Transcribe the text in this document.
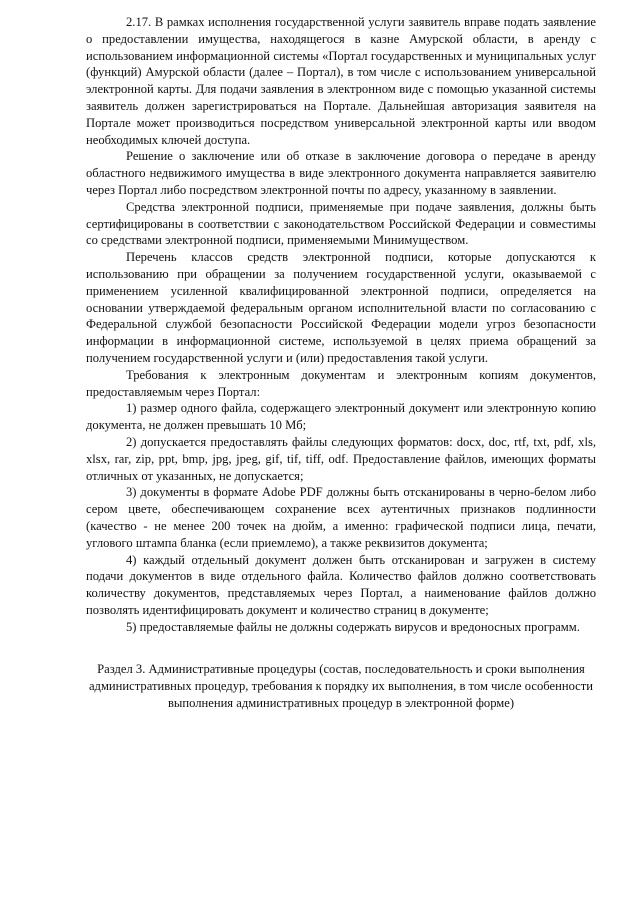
2.17. В рамках исполнения государственной услуги заявитель вправе подать заявление о предоставлении имущества, находящегося в казне Амурской области, в аренду с использованием информационной системы «Портал государственных и муниципальных услуг (функций) Амурской области (далее – Портал), в том числе с использованием универсальной электронной карты. Для подачи заявления в электронном виде с помощью указанной системы заявитель должен зарегистрироваться на Портале. Дальнейшая авторизация заявителя на Портале может производиться посредством универсальной электронной карты или вводом необходимых ключей доступа.

Решение о заключение или об отказе в заключение договора о передаче в аренду областного недвижимого имущества в виде электронного документа направляется заявителю через Портал либо посредством электронной почты по адресу, указанному в заявлении.

Средства электронной подписи, применяемые при подаче заявления, должны быть сертифицированы в соответствии с законодательством Российской Федерации и совместимы со средствами электронной подписи, применяемыми Минимуществом.

Перечень классов средств электронной подписи, которые допускаются к использованию при обращении за получением государственной услуги, оказываемой с применением усиленной квалифицированной электронной подписи, определяется на основании утверждаемой федеральным органом исполнительной власти по согласованию с Федеральной службой безопасности Российской Федерации модели угроз безопасности информации в информационной системе, используемой в целях приема обращений за получением государственной услуги и (или) предоставления такой услуги.

Требования к электронным документам и электронным копиям документов, предоставляемым через Портал:

1) размер одного файла, содержащего электронный документ или электронную копию документа, не должен превышать 10 Мб;

2) допускается предоставлять файлы следующих форматов: docx, doc, rtf, txt, pdf, xls, xlsx, rar, zip, ppt, bmp, jpg, jpeg, gif, tif, tiff, odf. Предоставление файлов, имеющих форматы отличных от указанных, не допускается;

3) документы в формате Adobe PDF должны быть отсканированы в черно-белом либо сером цвете, обеспечивающем сохранение всех аутентичных признаков подлинности (качество - не менее 200 точек на дюйм, а именно: графической подписи лица, печати, углового штампа бланка (если приемлемо), а также реквизитов документа;

4) каждый отдельный документ должен быть отсканирован и загружен в систему подачи документов в виде отдельного файла. Количество файлов должно соответствовать количеству документов, представляемых через Портал, а наименование файлов должно позволять идентифицировать документ и количество страниц в документе;

5) предоставляемые файлы не должны содержать вирусов и вредоносных программ.

Раздел 3. Административные процедуры (состав, последовательность и сроки выполнения административных процедур, требования к порядку их выполнения, в том числе особенности выполнения административных процедур в электронной форме)
